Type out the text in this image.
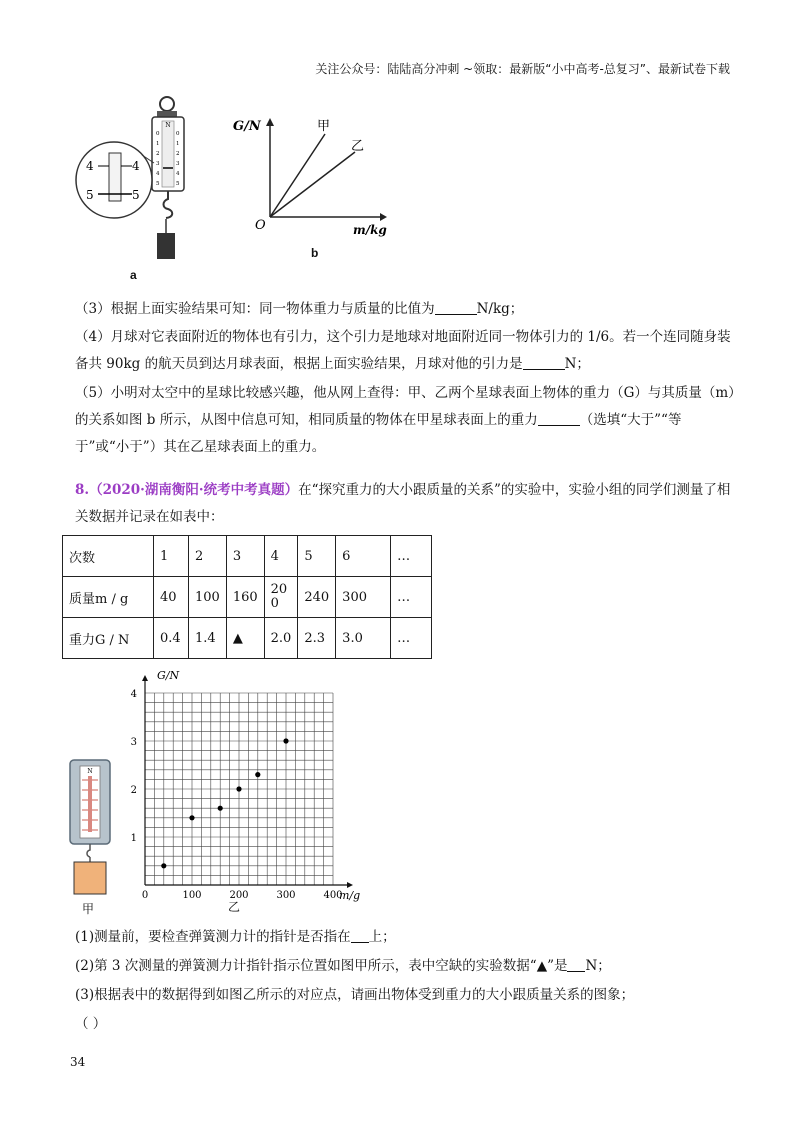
关注公众号：陆陆高分冲刺 ~领取：最新版“小中高考-总复习”、最新试卷下载
N
0	0
1	1
2	2
3	3
4	4
5	5
4	4
5	5
a
G/N	甲
乙
O	m/kg
b
（3）根据上面实验结果可知：同一物体重力与质量的比值为	N/kg；
（4）月球对它表面附近的物体也有引力，这个引力是地球对地面附近同一物体引力的 1/6。若一个连同随身装备共 90kg 的航天员到达月球表面，根据上面实验结果，月球对他的引力是	N；
（5）小明对太空中的星球比较感兴趣，他从网上查得：甲、乙两个星球表面上物体的重力（G）与其质量（m）的关系如图 b 所示，从图中信息可知，相同质量的物体在甲星球表面上的重力	（选填“大于”“等于”或“小于”）其在乙星球表面上的重力。
8.（2020·湖南衡阳·统考中考真题）在“探究重力的大小跟质量的关系”的实验中，实验小组的同学们测量了相关数据并记录在如表中：
次数	1	2	3	4	5	6	…
质量m / g	40	100	160	200	240	300	…
重力G / N	0.4	1.4	▲	2.0	2.3	3.0	…
N
甲
0	100	200	300	400
1
2
3
4
G/N
m/g
乙
(1)测量前，要检查弹簧测力计的指针是否指在 上；
(2)第 3 次测量的弹簧测力计指针指示位置如图甲所示，表中空缺的实验数据“▲”是 N；
(3)根据表中的数据得到如图乙所示的对应点，请画出物体受到重力的大小跟质量关系的图象；
（ ）
34
